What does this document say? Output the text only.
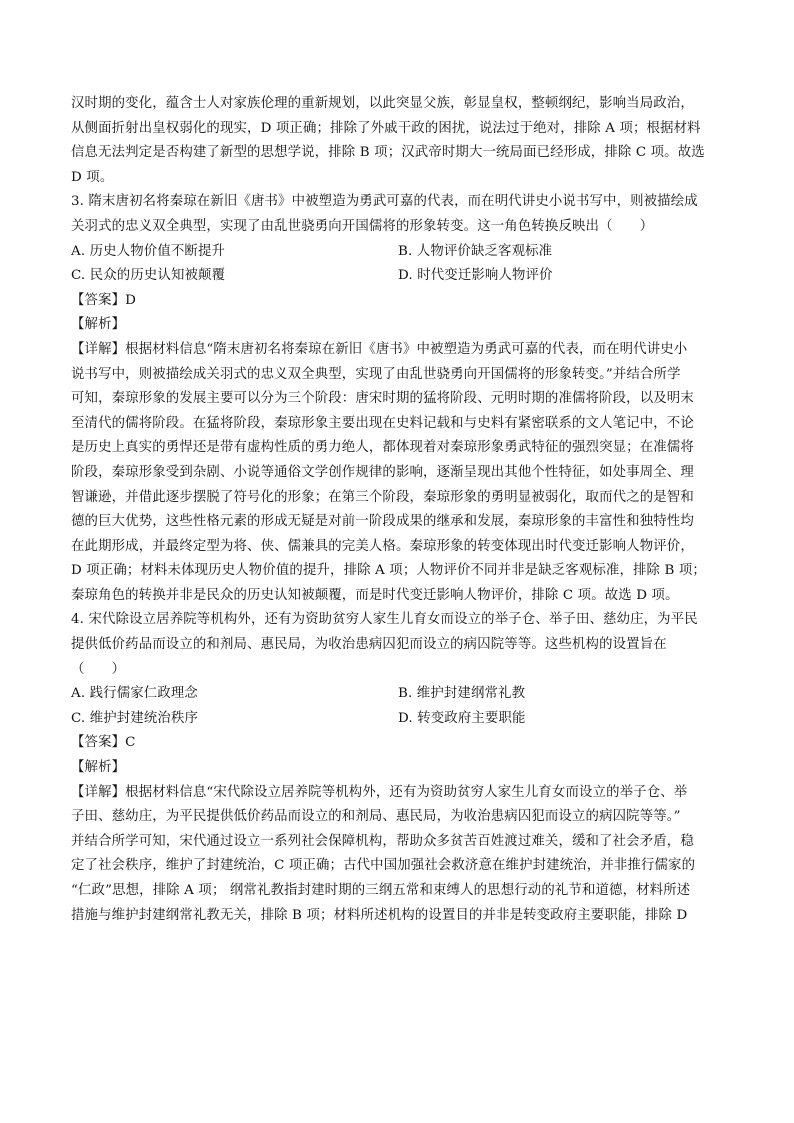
汉时期的变化，蕴含士人对家族伦理的重新规划，以此突显父族，彰显皇权，整顿纲纪，影响当局政治，
从侧面折射出皇权弱化的现实，D 项正确；排除了外戚干政的困扰，说法过于绝对，排除 A 项；根据材料
信息无法判定是否构建了新型的思想学说，排除 B 项；汉武帝时期大一统局面已经形成，排除 C 项。故选
D 项。
3. 隋末唐初名将秦琼在新旧《唐书》中被塑造为勇武可嘉的代表，而在明代讲史小说书写中，则被描绘成
关羽式的忠义双全典型，实现了由乱世骁勇向开国儒将的形象转变。这一角色转换反映出（　　）
A. 历史人物价值不断提升	B. 人物评价缺乏客观标准
C. 民众的历史认知被颠覆	D. 时代变迁影响人物评价
【答案】D
【解析】
【详解】根据材料信息“隋末唐初名将秦琼在新旧《唐书》中被塑造为勇武可嘉的代表，而在明代讲史小
说书写中，则被描绘成关羽式的忠义双全典型，实现了由乱世骁勇向开国儒将的形象转变。”并结合所学
可知，秦琼形象的发展主要可以分为三个阶段：唐宋时期的猛将阶段、元明时期的准儒将阶段，以及明末
至清代的儒将阶段。在猛将阶段，秦琼形象主要出现在史料记载和与史料有紧密联系的文人笔记中，不论
是历史上真实的勇悍还是带有虚构性质的勇力绝人，都体现着对秦琼形象勇武特征的强烈突显；在准儒将
阶段，秦琼形象受到杂剧、小说等通俗文学创作规律的影响，逐渐呈现出其他个性特征，如处事周全、理
智谦逊，并借此逐步摆脱了符号化的形象；在第三个阶段，秦琼形象的勇明显被弱化，取而代之的是智和
德的巨大优势，这些性格元素的形成无疑是对前一阶段成果的继承和发展，秦琼形象的丰富性和独特性均
在此期形成，并最终定型为将、侠、儒兼具的完美人格。秦琼形象的转变体现出时代变迁影响人物评价，
D 项正确；材料未体现历史人物价值的提升，排除 A 项；人物评价不同并非是缺乏客观标准，排除 B 项；
秦琼角色的转换并非是民众的历史认知被颠覆，而是时代变迁影响人物评价，排除 C 项。故选 D 项。
4. 宋代除设立居养院等机构外，还有为资助贫穷人家生儿育女而设立的举子仓、举子田、慈幼庄，为平民
提供低价药品而设立的和剂局、惠民局，为收治患病囚犯而设立的病囚院等等。这些机构的设置旨在
（　　）
A. 践行儒家仁政理念	B. 维护封建纲常礼教
C. 维护封建统治秩序	D. 转变政府主要职能
【答案】C
【解析】
【详解】根据材料信息“宋代除设立居养院等机构外，还有为资助贫穷人家生儿育女而设立的举子仓、举
子田、慈幼庄，为平民提供低价药品而设立的和剂局、惠民局，为收治患病囚犯而设立的病囚院等等。”
并结合所学可知，宋代通过设立一系列社会保障机构，帮助众多贫苦百姓渡过难关，缓和了社会矛盾，稳
定了社会秩序，维护了封建统治，C 项正确；古代中国加强社会救济意在维护封建统治，并非推行儒家的
“仁政”思想，排除 A 项； 纲常礼教指封建时期的三纲五常和束缚人的思想行动的礼节和道德，材料所述
措施与维护封建纲常礼教无关，排除 B 项；材料所述机构的设置目的并非是转变政府主要职能，排除 D
